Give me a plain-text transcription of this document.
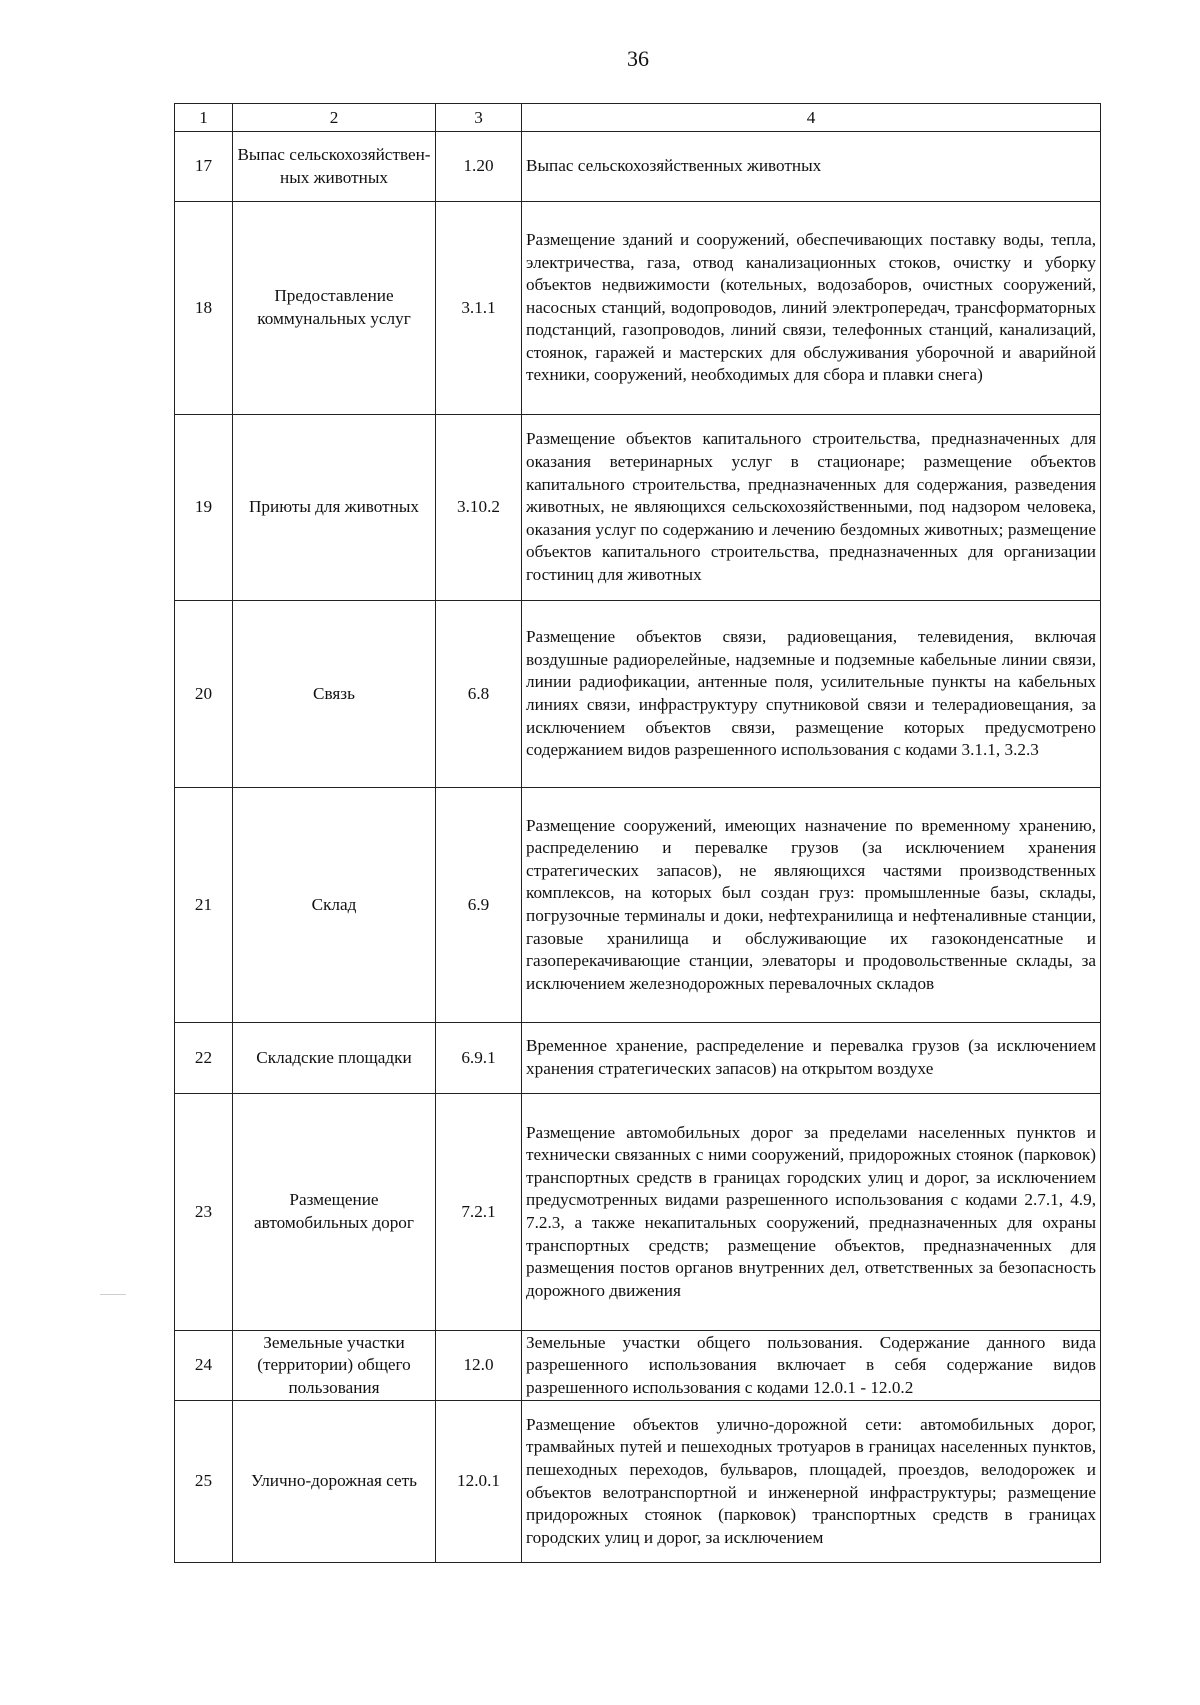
36
1	2	3	4
17	Выпас сельскохозяйствен-ных животных	1.20	Выпас сельскохозяйственных животных
18	Предоставление коммунальных услуг	3.1.1	Размещение зданий и сооружений, обеспечивающих поставку воды, тепла, электричества, газа, отвод канализационных стоков, очистку и уборку объектов недвижимости (котельных, водозаборов, очистных сооружений, насосных станций, водопроводов, линий электропередач, трансформаторных подстанций, газопроводов, линий связи, телефонных станций, канализаций, стоянок, гаражей и мастерских для обслуживания уборочной и аварийной техники, сооружений, необходимых для сбора и плавки снега)
19	Приюты для животных	3.10.2	Размещение объектов капитального строительства, предназначенных для оказания ветеринарных услуг в стационаре; размещение объектов капитального строительства, предназначенных для содержания, разведения животных, не являющихся сельскохозяйственными, под надзором человека, оказания услуг по содержанию и лечению бездомных животных; размещение объектов капитального строительства, предназначенных для организации гостиниц для животных
20	Связь	6.8	Размещение объектов связи, радиовещания, телевидения, включая воздушные радиорелейные, надземные и подземные кабельные линии связи, линии радиофикации, антенные поля, усилительные пункты на кабельных линиях связи, инфраструктуру спутниковой связи и телерадиовещания, за исключением объектов связи, размещение которых предусмотрено содержанием видов разрешенного использования с кодами 3.1.1, 3.2.3
21	Склад	6.9	Размещение сооружений, имеющих назначение по временному хранению, распределению и перевалке грузов (за исключением хранения стратегических запасов), не являющихся частями производственных комплексов, на которых был создан груз: промышленные базы, склады, погрузочные терминалы и доки, нефтехранилища и нефтеналивные станции, газовые хранилища и обслуживающие их газоконденсатные и газоперекачивающие станции, элеваторы и продовольственные склады, за исключением железнодорожных перевалочных складов
22	Складские площадки	6.9.1	Временное хранение, распределение и перевалка грузов (за исключением хранения стратегических запасов) на открытом воздухе
23	Размещение автомобильных дорог	7.2.1	Размещение автомобильных дорог за пределами населенных пунктов и технически связанных с ними сооружений, придорожных стоянок (парковок) транспортных средств в границах городских улиц и дорог, за исключением предусмотренных видами разрешенного использования с кодами 2.7.1, 4.9, 7.2.3, а также некапитальных сооружений, предназначенных для охраны транспортных средств; размещение объектов, предназначенных для размещения постов органов внутренних дел, ответственных за безопасность дорожного движения
24	Земельные участки (территории) общего пользования	12.0	Земельные участки общего пользования. Содержание данного вида разрешенного использования включает в себя содержание видов разрешенного использования с кодами 12.0.1 - 12.0.2
25	Улично-дорожная сеть	12.0.1	Размещение объектов улично-дорожной сети: автомобильных дорог, трамвайных путей и пешеходных тротуаров в границах населенных пунктов, пешеходных переходов, бульваров, площадей, проездов, велодорожек и объектов велотранспортной и инженерной инфраструктуры; размещение придорожных стоянок (парковок) транспортных средств в границах городских улиц и дорог, за исключением
